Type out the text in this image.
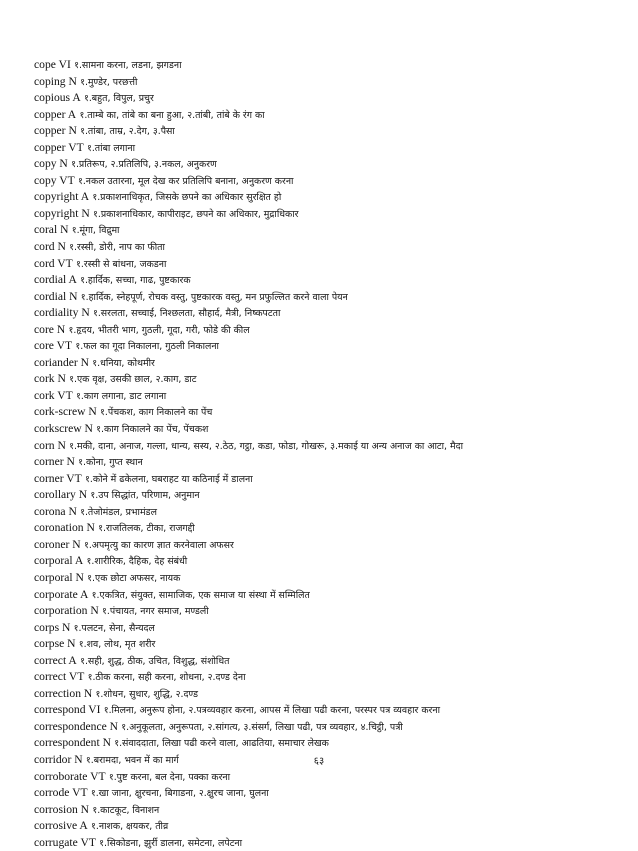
cope VI १.सामना करना, लडना, झगडना
coping N १.मुण्डेर, परछत्ती
copious A १.बहुत, विपुल, प्रचुर
copper A १.ताम्बे का, तांबे का बना हुआ, २.तांबी, तांबे के रंग का
copper N १.तांबा, ताम्र, २.देग, ३.पैसा
copper VT १.तांबा लगाना
copy N १.प्रतिरूप, २.प्रतिलिपि, ३.नकल, अनुकरण
copy VT १.नकल उतारना, मूल देख कर प्रतिलिपि बनाना, अनुकरण करना
copyright A १.प्रकाशनाधिकृत, जिसके छपने का अधिकार सुरक्षित हो
copyright N १.प्रकाशनाधिकार, कापीराइट, छपने का अधिकार, मुद्राधिकार
coral N १.मूंगा, विद्रुमा
cord N १.रस्सी, डोरी, नाप का फीता
cord VT १.रस्सी से बांधना, जकडना
cordial A १.हार्दिक, सच्चा, गाढ, पुष्टकारक
cordial N १.हार्दिक, स्नेहपूर्ण, रोचक वस्तु, पुष्टकारक वस्तु, मन प्रफुल्लित करने वाला पेयन
cordiality N १.सरलता, सच्चाई, निश्छलता, सौहार्द, मैत्री, निष्कपटता
core N १.हृदय, भीतरी भाग, गुठली, गूदा, गरी, फोडे की कील
core VT १.फल का गूदा निकालना, गुठली निकालना
coriander N १.धनिया, कोथमीर
cork N १.एक वृक्ष, उसकी छाल, २.काग, डाट
cork VT १.काग लगाना, डाट लगाना
cork-screw N १.पेंचकश, काग निकालने का पेंच
corkscrew N १.काग निकालने का पेंच, पेंचकश
corn N १.मकी, दाना, अनाज, गल्ला, धान्य, सस्य, २.ठेठ, गट्ठा, कडा, फोडा, गोखरू, ३.मकाई या अन्य अनाज का आटा, मैदा
corner N १.कोना, गुप्त स्थान
corner VT १.कोने में ढकेलना, घबराहट या कठिनाई में डालना
corollary N १.उप सिद्धांत, परिणाम, अनुमान
corona N १.तेजोमंडल, प्रभामंडल
coronation N १.राजतिलक, टीका, राजगद्दी
coroner N १.अपमृत्यु का कारण ज्ञात करनेवाला अफसर
corporal A १.शारीरिक, दैहिक, देह संबंधी
corporal N १.एक छोटा अफसर, नायक
corporate A १.एकत्रित, संयुक्त, सामाजिक, एक समाज या संस्था में सम्मिलित
corporation N १.पंचायत, नगर समाज, मण्डली
corps N १.पलटन, सेना, सैन्यदल
corpse N १.शव, लोथ, मृत शरीर
correct A १.सही, शुद्ध, ठीक, उचित, विशुद्ध, संशोधित
correct VT १.ठीक करना, सही करना, शोधना, २.दण्ड देना
correction N १.शोधन, सुधार, शुद्धि, २.दण्ड
correspond VI १.मिलना, अनुरूप होना, २.पत्रव्यवहार करना, आपस में लिखा पढी करना, परस्पर पत्र व्यवहार करना
correspondence N १.अनुकूलता, अनुरूपता, २.सांगत्य, ३.संसर्ग, लिखा पढी, पत्र व्यवहार, ४.चिट्ठी, पत्री
correspondent N १.संवाददाता, लिखा पढी करने वाला, आढतिया, समाचार लेखक
corridor N १.बरामदा, भवन में का मार्ग
corroborate VT १.पुष्ट करना, बल देना, पक्का करना
corrode VT १.खा जाना, क्षुरचना, बिगाडना, २.क्षुरच जाना, घुलना
corrosion N १.काटकूट, विनाशन
corrosive A १.नाशक, क्षयकर, तीव्र
corrugate VT १.सिकोडना, झुर्री डालना, समेटना, लपेटना
६३
